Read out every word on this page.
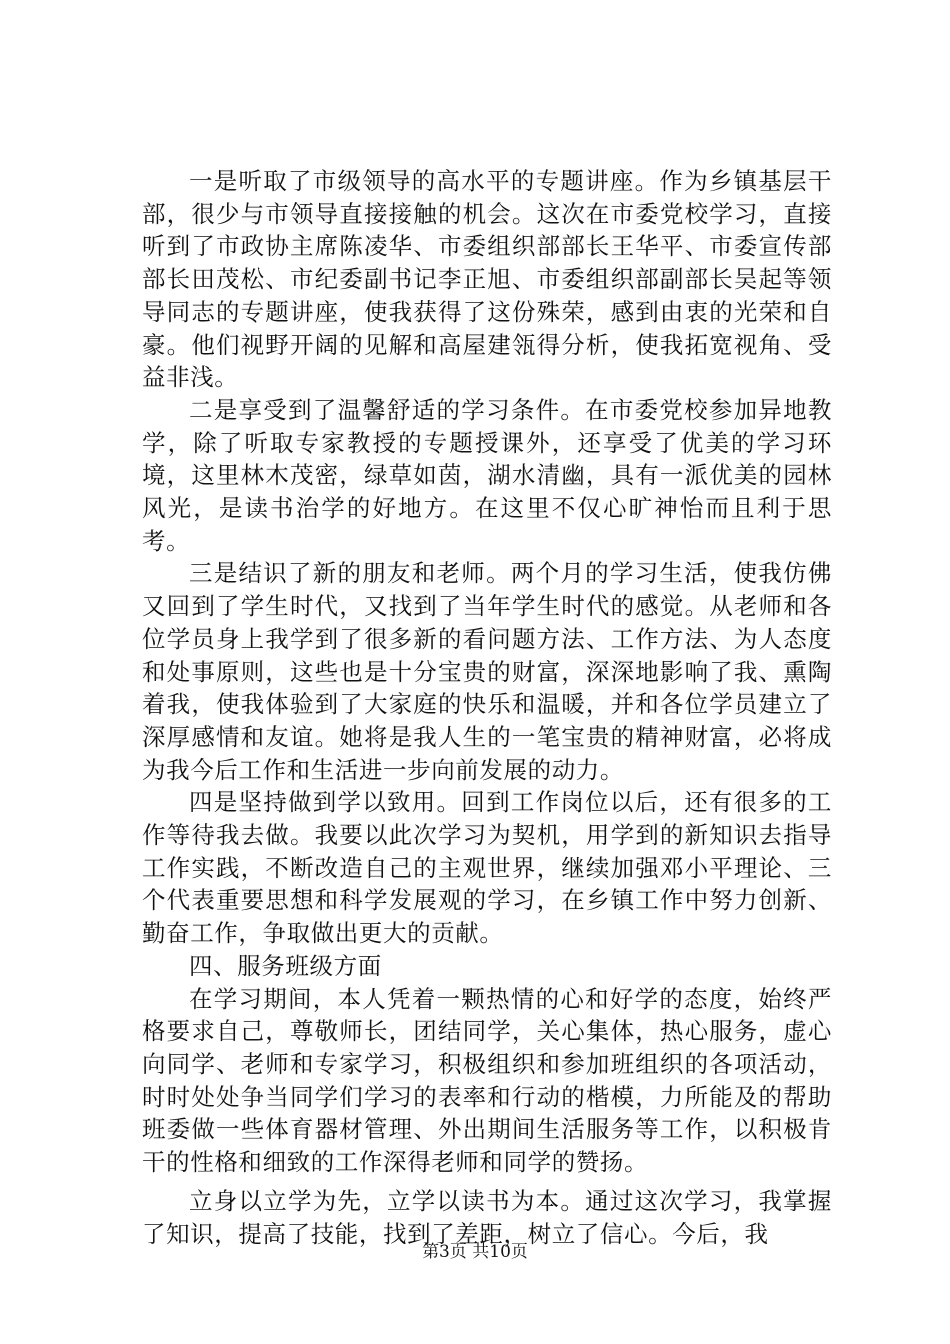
一是听取了市级领导的高水平的专题讲座。作为乡镇基层干部，很少与市领导直接接触的机会。这次在市委党校学习，直接听到了市政协主席陈凌华、市委组织部部长王华平、市委宣传部部长田茂松、市纪委副书记李正旭、市委组织部副部长吴起等领导同志的专题讲座，使我获得了这份殊荣，感到由衷的光荣和自豪。他们视野开阔的见解和高屋建瓴得分析，使我拓宽视角、受益非浅。

二是享受到了温馨舒适的学习条件。在市委党校参加异地教学，除了听取专家教授的专题授课外，还享受了优美的学习环境，这里林木茂密，绿草如茵，湖水清幽，具有一派优美的园林风光，是读书治学的好地方。在这里不仅心旷神怡而且利于思考。

三是结识了新的朋友和老师。两个月的学习生活，使我仿佛又回到了学生时代，又找到了当年学生时代的感觉。从老师和各位学员身上我学到了很多新的看问题方法、工作方法、为人态度和处事原则，这些也是十分宝贵的财富，深深地影响了我、熏陶着我，使我体验到了大家庭的快乐和温暖，并和各位学员建立了深厚感情和友谊。她将是我人生的一笔宝贵的精神财富，必将成为我今后工作和生活进一步向前发展的动力。

四是坚持做到学以致用。回到工作岗位以后，还有很多的工作等待我去做。我要以此次学习为契机，用学到的新知识去指导工作实践，不断改造自己的主观世界，继续加强邓小平理论、三个代表重要思想和科学发展观的学习，在乡镇工作中努力创新、勤奋工作，争取做出更大的贡献。

四、服务班级方面

在学习期间，本人凭着一颗热情的心和好学的态度，始终严格要求自己，尊敬师长，团结同学，关心集体，热心服务，虚心向同学、老师和专家学习，积极组织和参加班组织的各项活动，时时处处争当同学们学习的表率和行动的楷模，力所能及的帮助班委做一些体育器材管理、外出期间生活服务等工作，以积极肯干的性格和细致的工作深得老师和同学的赞扬。

立身以立学为先，立学以读书为本。通过这次学习，我掌握了知识，提高了技能，找到了差距，树立了信心。今后，我

第3页 共10页
